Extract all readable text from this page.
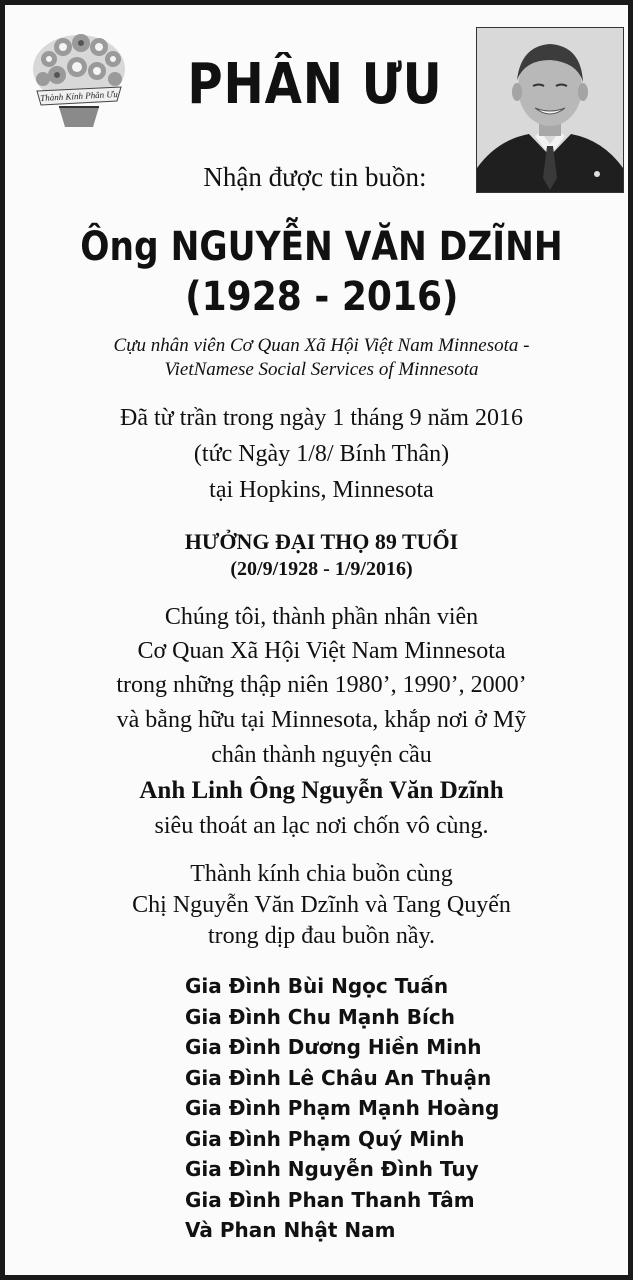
Thành Kính Phân Ưu PHÂN ƯU
Nhận được tin buồn:
Ông NGUYỄN VĂN DZĨNH
(1928 - 2016)
Cựu nhân viên Cơ Quan Xã Hội Việt Nam Minnesota -
VietNamese Social Services of Minnesota
Đã từ trần trong ngày 1 tháng 9 năm 2016
(tức Ngày 1/8/ Bính Thân)
tại Hopkins, Minnesota
HƯỞNG ĐẠI THỌ 89 TUỔI
(20/9/1928 - 1/9/2016)
Chúng tôi, thành phần nhân viên
Cơ Quan Xã Hội Việt Nam Minnesota
trong những thập niên 1980’, 1990’, 2000’
và bằng hữu tại Minnesota, khắp nơi ở Mỹ
chân thành nguyện cầu
Anh Linh Ông Nguyễn Văn Dzĩnh
siêu thoát an lạc nơi chốn vô cùng.
Thành kính chia buồn cùng
Chị Nguyễn Văn Dzĩnh và Tang Quyến
trong dịp đau buồn nầy.
Gia Đình Bùi Ngọc Tuấn
Gia Đình Chu Mạnh Bích
Gia Đình Dương Hiền Minh
Gia Đình Lê Châu An Thuận
Gia Đình Phạm Mạnh Hoàng
Gia Đình Phạm Quý Minh
Gia Đình Nguyễn Đình Tuy
Gia Đình Phan Thanh Tâm
Và Phan Nhật Nam
